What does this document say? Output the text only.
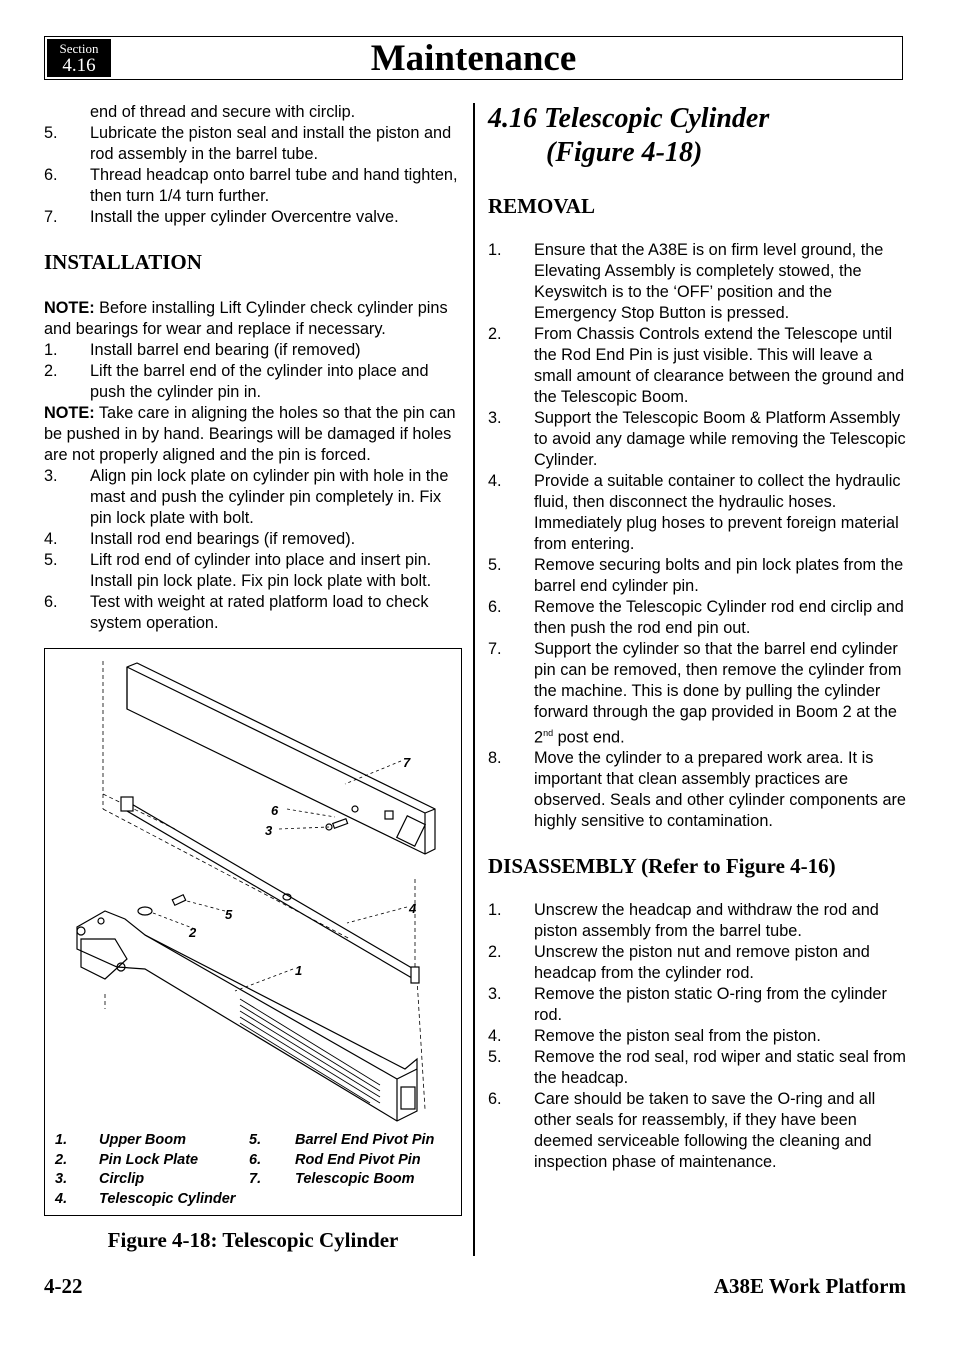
Section
4.16	Maintenance
end of thread and secure with circlip.
5. Lubricate the piston seal and install the piston and rod assembly in the barrel tube.
6. Thread headcap onto barrel tube and hand tighten, then turn 1/4 turn further.
7. Install the upper cylinder Overcentre valve.
INSTALLATION
NOTE: Before installing Lift Cylinder check cylinder pins and bearings for wear and replace if necessary.
1. Install barrel end bearing (if removed)
2. Lift the barrel end of the cylinder into place and push the cylinder pin in.
NOTE: Take care in aligning the holes so that the pin can be pushed in by hand. Bearings will be damaged if holes are not properly aligned and the pin is forced.
3. Align pin lock plate on cylinder pin with hole in the mast and push the cylinder pin completely in. Fix pin lock plate with bolt.
4. Install rod end bearings (if removed).
5. Lift rod end of cylinder into place and insert pin. Install pin lock plate. Fix pin lock plate with bolt.
6. Test with weight at rated platform load to check system operation.
7
6
3
4
5
2
1
1. Upper Boom	5. Barrel End Pivot Pin
2. Pin Lock Plate	6. Rod End Pivot Pin
3. Circlip	7. Telescopic Boom
4. Telescopic Cylinder
Figure 4-18: Telescopic Cylinder
4.16 Telescopic Cylinder
(Figure 4-18)
REMOVAL
1. Ensure that the A38E is on firm level ground, the Elevating Assembly is completely stowed, the Keyswitch is to the ‘OFF’ position and the Emergency Stop Button is pressed.
2. From Chassis Controls extend the Telescope until the Rod End Pin is just visible. This will leave a small amount of clearance between the ground and the Telescopic Boom.
3. Support the Telescopic Boom & Platform Assembly to avoid any damage while removing the Telescopic Cylinder.
4. Provide a suitable container to collect the hydraulic fluid, then disconnect the hydraulic hoses. Immediately plug hoses to prevent foreign material from entering.
5. Remove securing bolts and pin lock plates from the barrel end cylinder pin.
6. Remove the Telescopic Cylinder rod end circlip and then push the rod end pin out.
7. Support the cylinder so that the barrel end cylinder pin can be removed, then remove the cylinder from the machine. This is done by pulling the cylinder forward through the gap provided in Boom 2 at the 2nd post end.
8. Move the cylinder to a prepared work area. It is important that clean assembly practices are observed. Seals and other cylinder components are highly sensitive to contamination.
DISASSEMBLY (Refer to Figure 4-16)
1. Unscrew the headcap and withdraw the rod and piston assembly from the barrel tube.
2. Unscrew the piston nut and remove piston and headcap from the cylinder rod.
3. Remove the piston static O-ring from the cylinder rod.
4. Remove the piston seal from the piston.
5. Remove the rod seal, rod wiper and static seal from the headcap.
6. Care should be taken to save the O-ring and all other seals for reassembly, if they have been deemed serviceable following the cleaning and inspection phase of maintenance.
4-22	A38E Work Platform
